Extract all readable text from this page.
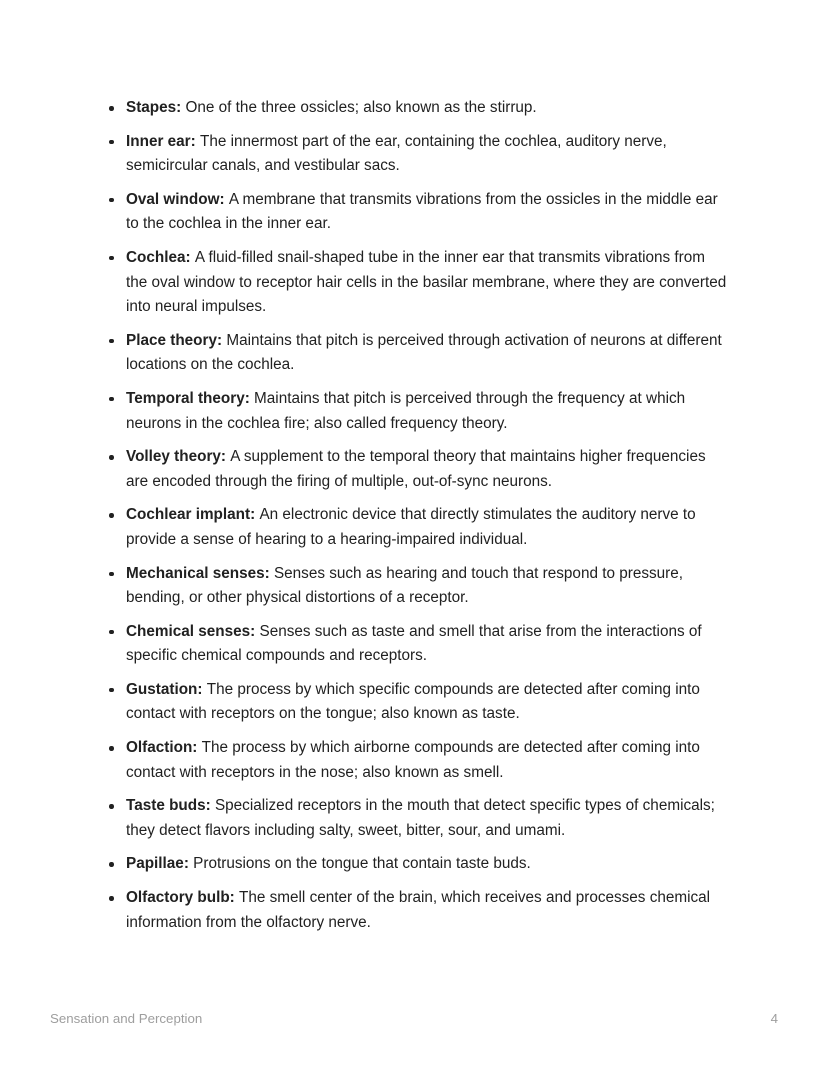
Stapes: One of the three ossicles; also known as the stirrup.
Inner ear: The innermost part of the ear, containing the cochlea, auditory nerve, semicircular canals, and vestibular sacs.
Oval window: A membrane that transmits vibrations from the ossicles in the middle ear to the cochlea in the inner ear.
Cochlea: A fluid-filled snail-shaped tube in the inner ear that transmits vibrations from the oval window to receptor hair cells in the basilar membrane, where they are converted into neural impulses.
Place theory: Maintains that pitch is perceived through activation of neurons at different locations on the cochlea.
Temporal theory: Maintains that pitch is perceived through the frequency at which neurons in the cochlea fire; also called frequency theory.
Volley theory: A supplement to the temporal theory that maintains higher frequencies are encoded through the firing of multiple, out-of-sync neurons.
Cochlear implant: An electronic device that directly stimulates the auditory nerve to provide a sense of hearing to a hearing-impaired individual.
Mechanical senses: Senses such as hearing and touch that respond to pressure, bending, or other physical distortions of a receptor.
Chemical senses: Senses such as taste and smell that arise from the interactions of specific chemical compounds and receptors.
Gustation: The process by which specific compounds are detected after coming into contact with receptors on the tongue; also known as taste.
Olfaction: The process by which airborne compounds are detected after coming into contact with receptors in the nose; also known as smell.
Taste buds: Specialized receptors in the mouth that detect specific types of chemicals; they detect flavors including salty, sweet, bitter, sour, and umami.
Papillae: Protrusions on the tongue that contain taste buds.
Olfactory bulb: The smell center of the brain, which receives and processes chemical information from the olfactory nerve.
Sensation and Perception	4
